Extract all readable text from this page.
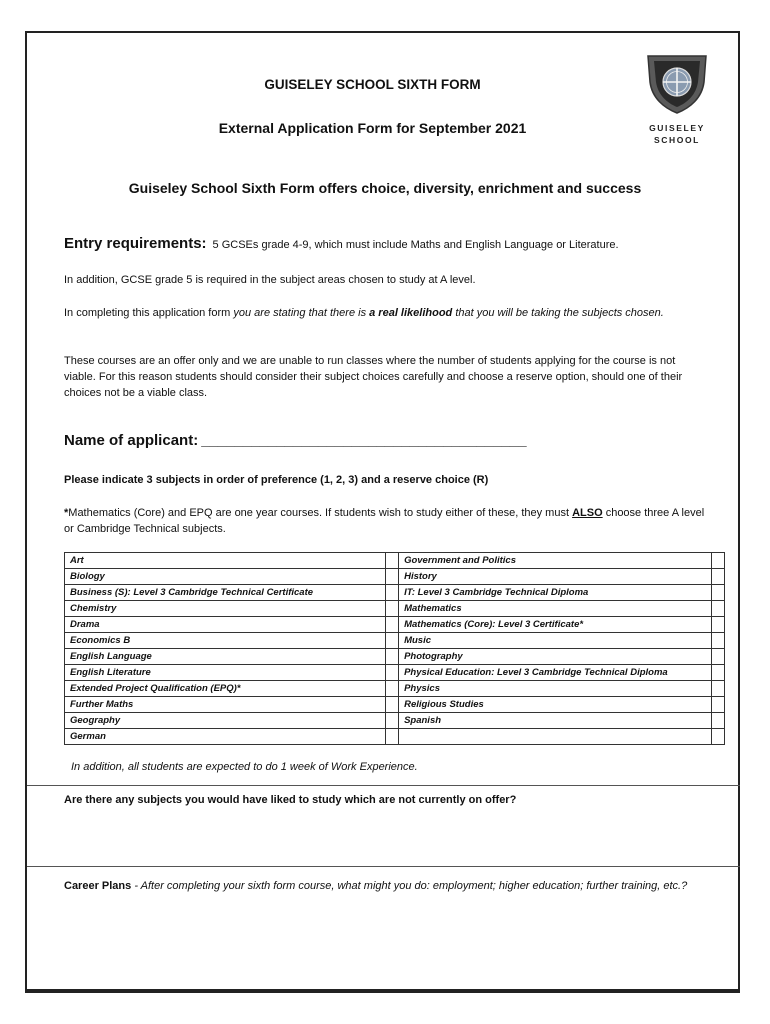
GUISELEY SCHOOL SIXTH FORM
External Application Form for September 2021	GUISELEY
SCHOOL
Guiseley School Sixth Form offers choice, diversity, enrichment and success
Entry requirements: 5 GCSEs grade 4-9, which must include Maths and English Language or Literature.
In addition, GCSE grade 5 is required in the subject areas chosen to study at A level.
In completing this application form you are stating that there is a real likelihood that you will be taking the subjects chosen.
These courses are an offer only and we are unable to run classes where the number of students applying for the course is not viable. For this reason students should consider their subject choices carefully and choose a reserve option, should one of their choices not be a viable class.
Name of applicant: _______________________________________
Please indicate 3 subjects in order of preference (1, 2, 3) and a reserve choice (R)
*Mathematics (Core) and EPQ are one year courses. If students wish to study either of these, they must ALSO choose three A level or Cambridge Technical subjects.
Art		Government and Politics	
Biology		History	
Business (S): Level 3 Cambridge Technical Certificate		IT: Level 3 Cambridge Technical Diploma	
Chemistry		Mathematics	
Drama		Mathematics (Core): Level 3 Certificate*	
Economics B		Music	
English Language		Photography	
English Literature		Physical Education: Level 3 Cambridge Technical Diploma	
Extended Project Qualification (EPQ)*		Physics	
Further Maths		Religious Studies	
Geography		Spanish	
German			
In addition, all students are expected to do 1 week of Work Experience.
Are there any subjects you would have liked to study which are not currently on offer?
Career Plans - After completing your sixth form course, what might you do: employment; higher education; further training, etc.?
